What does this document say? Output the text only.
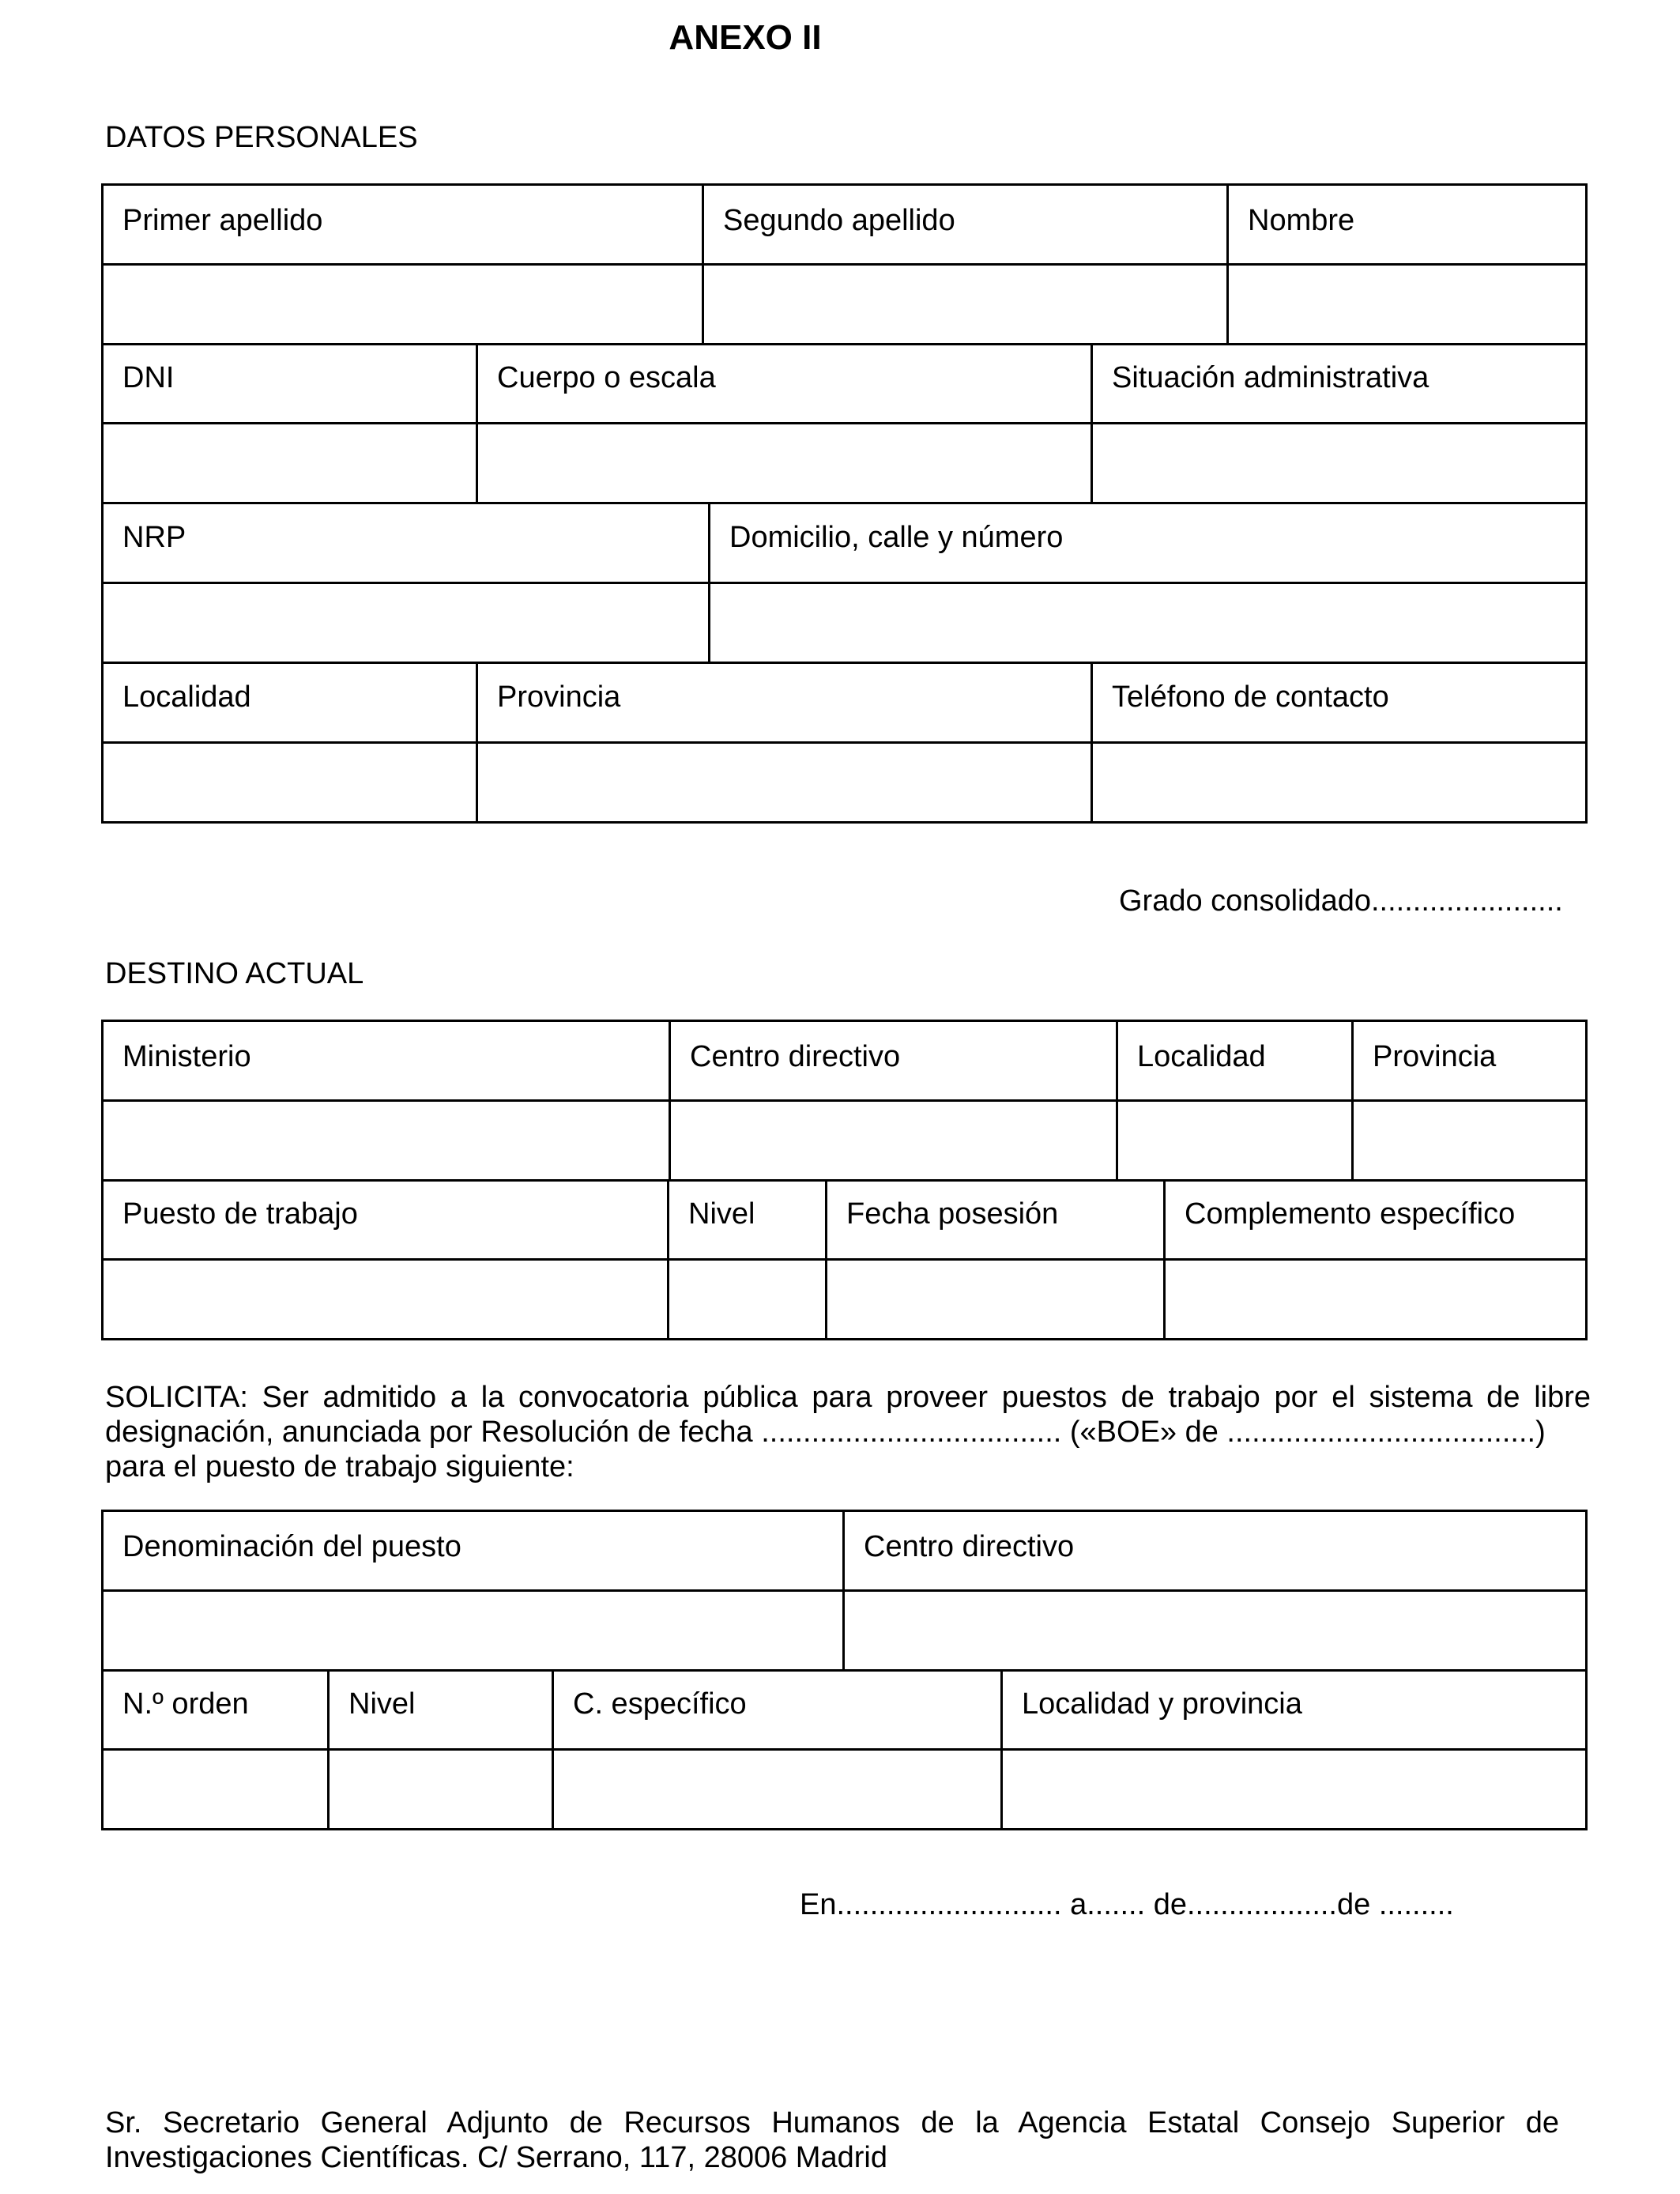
ANEXO II
DATOS PERSONALES
Primer apellido	Segundo apellido	Nombre

DNI	Cuerpo o escala	Situación administrativa

NRP	Domicilio, calle y número

Localidad	Provincia	Teléfono de contacto

Grado consolidado.......................
DESTINO ACTUAL
Ministerio	Centro directivo	Localidad	Provincia

Puesto de trabajo	Nivel	Fecha posesión	Complemento específico

SOLICITA: Ser admitido a la convocatoria pública para proveer puestos de trabajo por el sistema de libre
designación, anunciada por Resolución de fecha .................................... («BOE» de .....................................)
para el puesto de trabajo siguiente:
Denominación del puesto	Centro directivo

N.º orden	Nivel	C. específico	Localidad y provincia

En........................... a....... de..................de .........
Sr. Secretario General Adjunto de Recursos Humanos de la Agencia Estatal Consejo Superior de
Investigaciones Científicas. C/ Serrano, 117, 28006 Madrid
